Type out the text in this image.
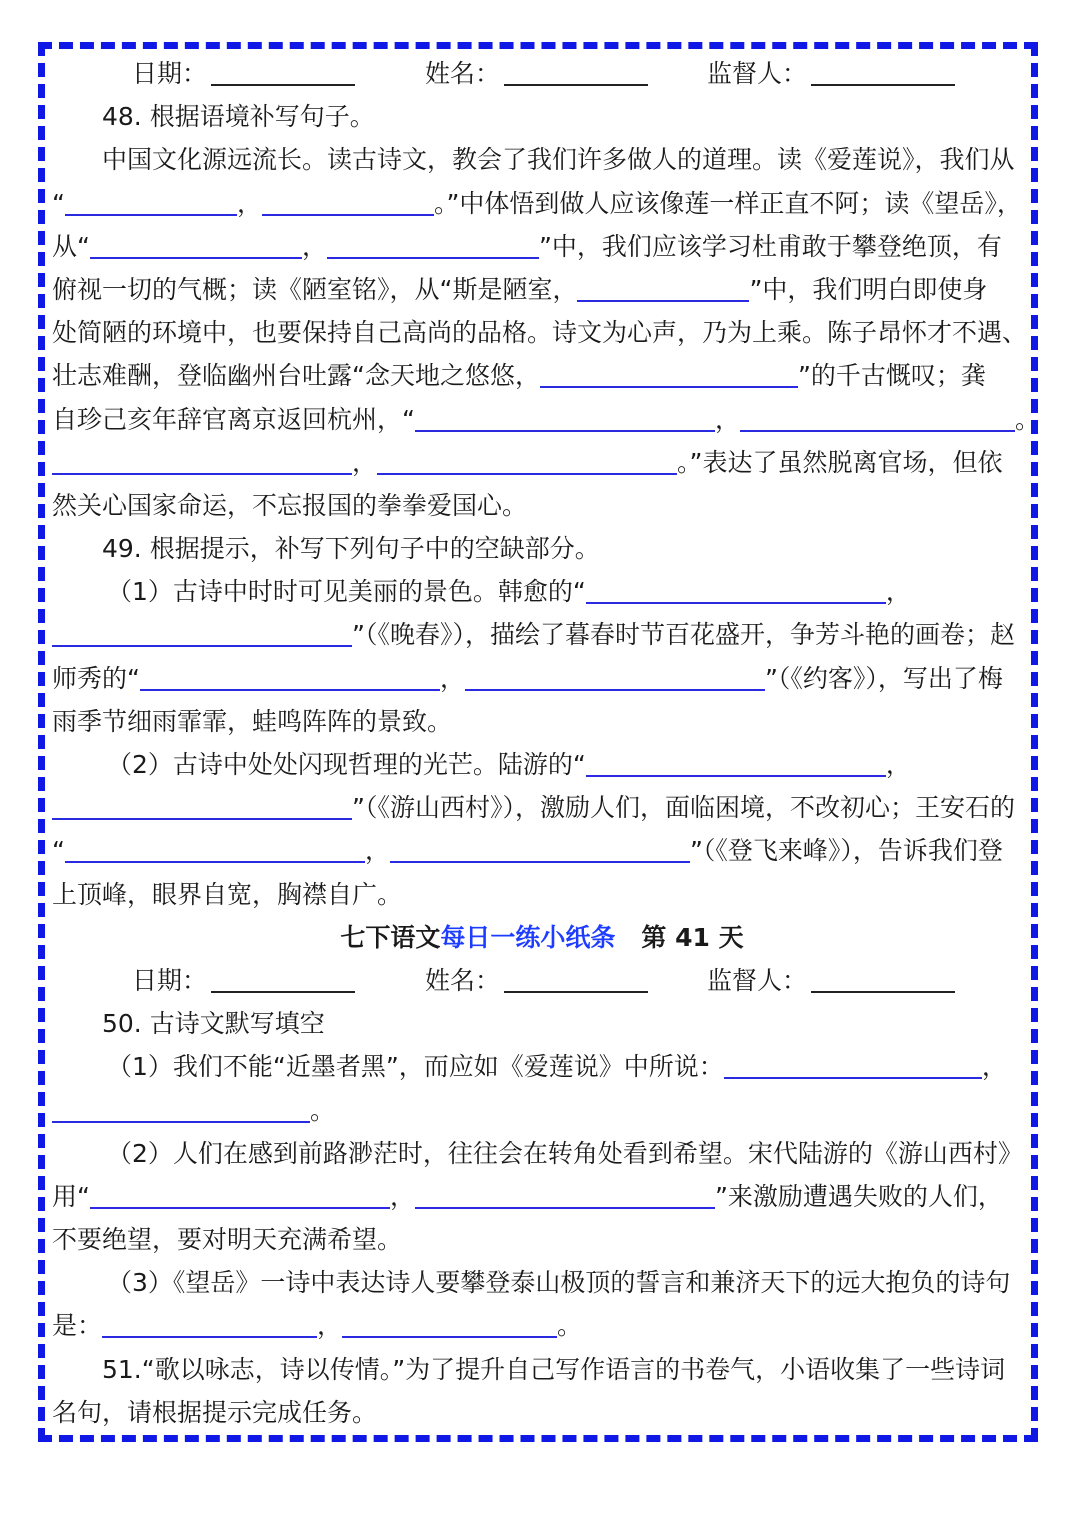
日期：	姓名：	监督人：
48. 根据语境补写句子。
中国文化源远流长。读古诗文，教会了我们许多做人的道理。读《爱莲说》，我们从
“	，	。”中体悟到做人应该像莲一样正直不阿；读《望岳》，
从“	，	”中，我们应该学习杜甫敢于攀登绝顶，有
俯视一切的气概；读《陋室铭》，从“斯是陋室，	”中，我们明白即使身
处简陋的环境中，也要保持自己高尚的品格。诗文为心声，乃为上乘。陈子昂怀才不遇、
壮志难酬，登临幽州台吐露“念天地之悠悠，	”的千古慨叹；龚
自珍己亥年辞官离京返回杭州，“	，	。
，	。”表达了虽然脱离官场，但依
然关心国家命运，不忘报国的拳拳爱国心。
49. 根据提示，补写下列句子中的空缺部分。
（1）古诗中时时可见美丽的景色。韩愈的“	，
”（《晚春》），描绘了暮春时节百花盛开，争芳斗艳的画卷；赵
师秀的“	，	”（《约客》），写出了梅
雨季节细雨霏霏，蛙鸣阵阵的景致。
（2）古诗中处处闪现哲理的光芒。陆游的“	，
”（《游山西村》），激励人们，面临困境，不改初心；王安石的
“	，	”（《登飞来峰》），告诉我们登
上顶峰，眼界自宽，胸襟自广。
七下语文每日一练小纸条 第 41 天
日期：	姓名：	监督人：
50. 古诗文默写填空
（1）我们不能“近墨者黑”，而应如《爱莲说》中所说：	，
。
（2）人们在感到前路渺茫时，往往会在转角处看到希望。宋代陆游的《游山西村》
用“	，	”来激励遭遇失败的人们，
不要绝望，要对明天充满希望。
（3）《望岳》一诗中表达诗人要攀登泰山极顶的誓言和兼济天下的远大抱负的诗句
是：	，	。
51.“歌以咏志，诗以传情。”为了提升自己写作语言的书卷气，小语收集了一些诗词
名句，请根据提示完成任务。
